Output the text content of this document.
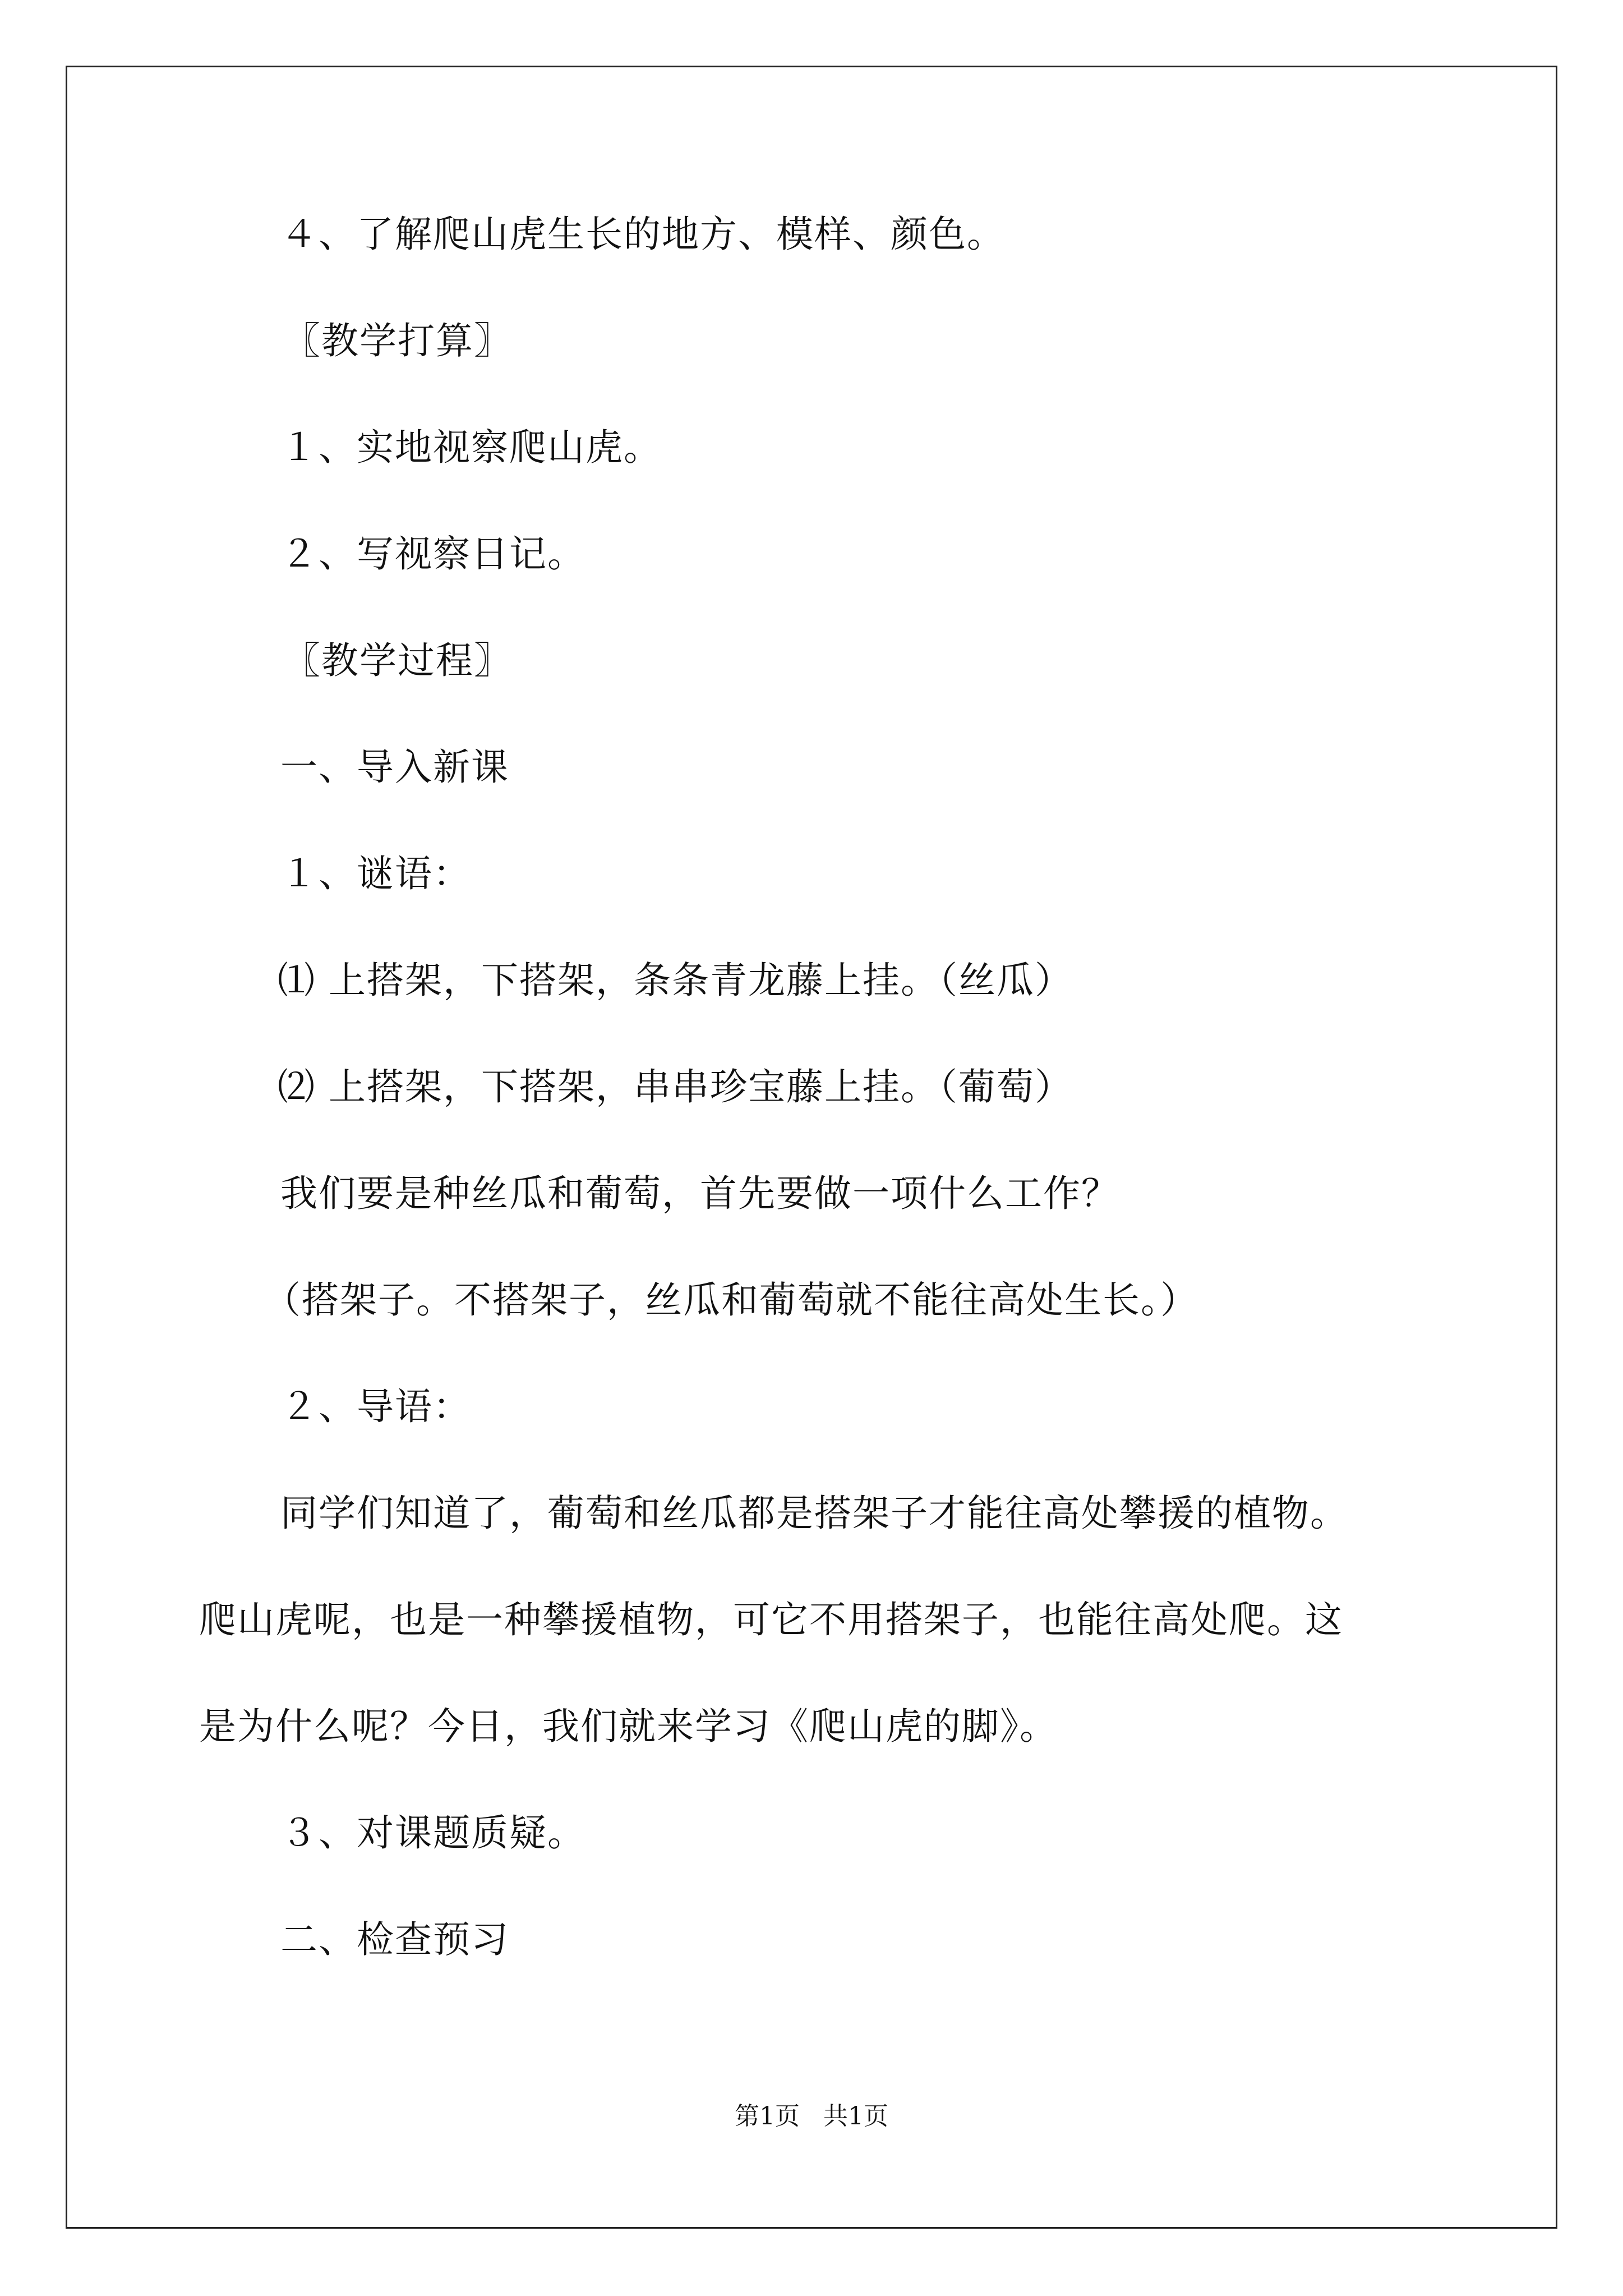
４、了解爬山虎生长的地方、模样、颜色。
〖教学打算〗
１、实地视察爬山虎。
２、写视察日记。
〖教学过程〗
一、导入新课
１、谜语：
⑴ 上搭架，下搭架，条条青龙藤上挂。（丝瓜）
⑵ 上搭架，下搭架，串串珍宝藤上挂。（葡萄）
我们要是种丝瓜和葡萄，首先要做一项什么工作？
（搭架子。不搭架子，丝瓜和葡萄就不能往高处生长。）
２、导语：
同学们知道了，葡萄和丝瓜都是搭架子才能往高处攀援的植物。
爬山虎呢，也是一种攀援植物，可它不用搭架子，也能往高处爬。这
是为什么呢？今日，我们就来学习《爬山虎的脚》。
３、对课题质疑。
二、检查预习
第1页   共1页
